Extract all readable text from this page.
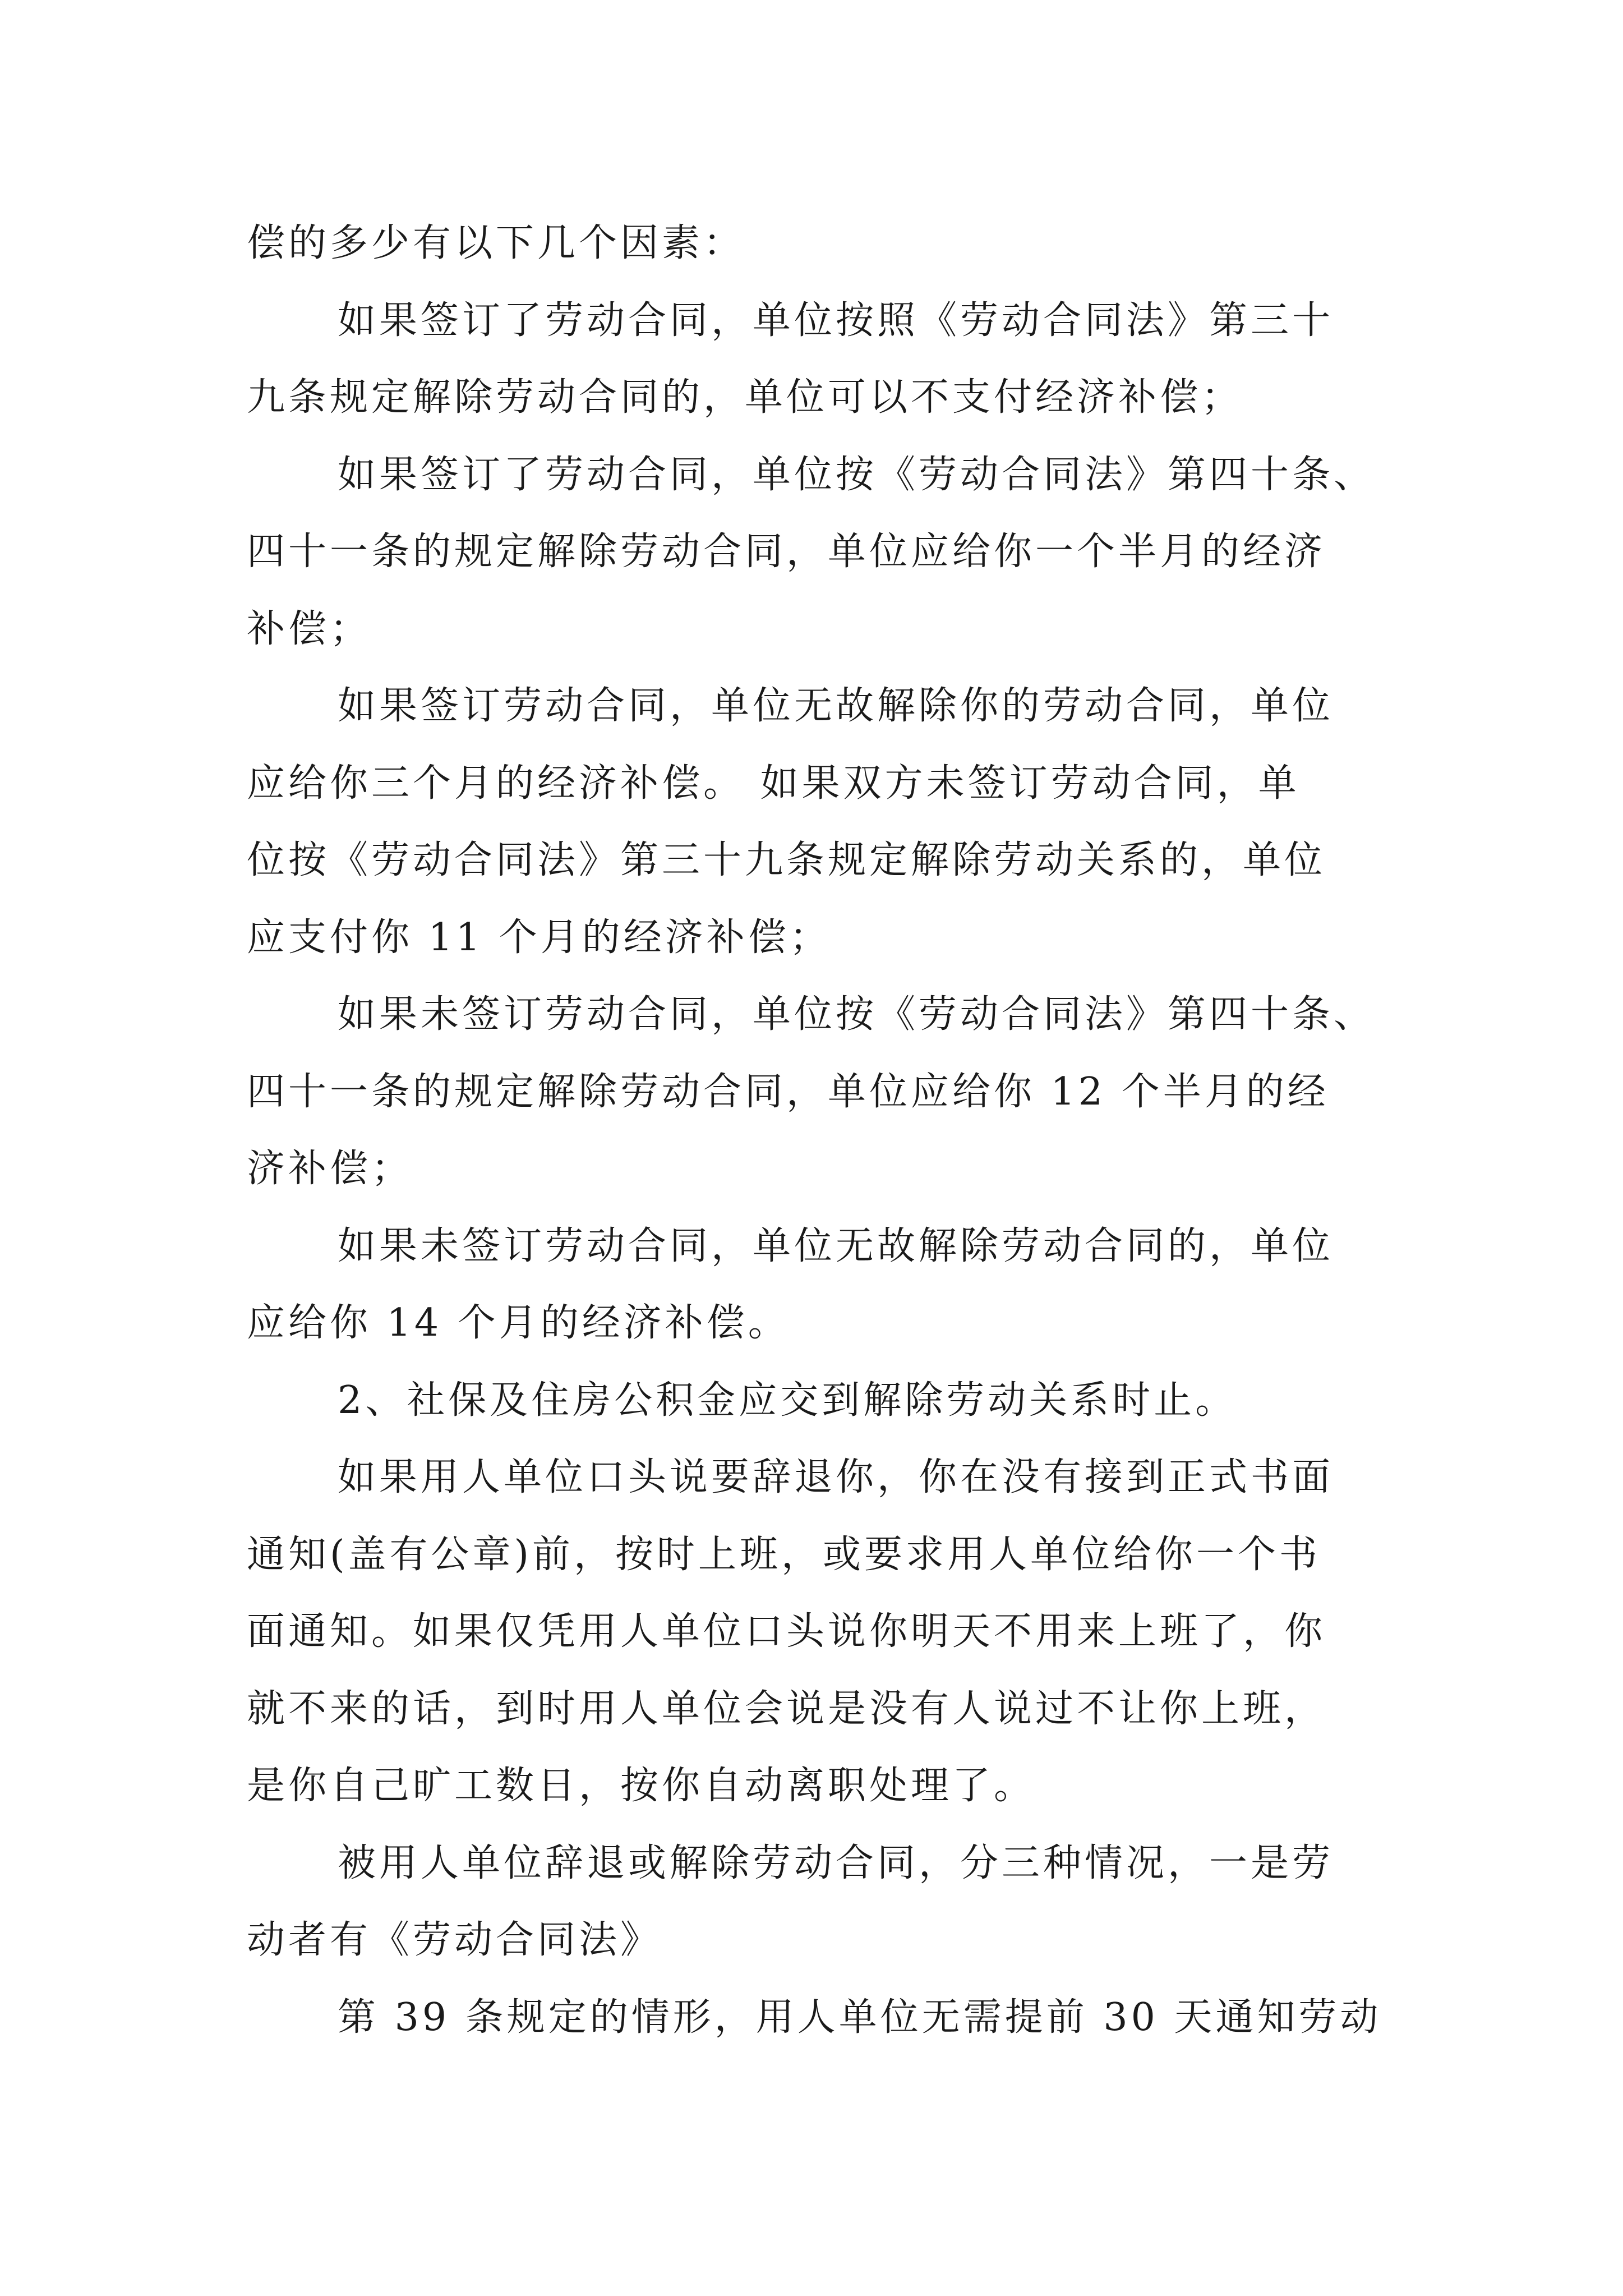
偿的多少有以下几个因素：

如果签订了劳动合同，单位按照《劳动合同法》第三十
九条规定解除劳动合同的，单位可以不支付经济补偿；

如果签订了劳动合同，单位按《劳动合同法》第四十条、
四十一条的规定解除劳动合同，单位应给你一个半月的经济
补偿；

如果签订劳动合同，单位无故解除你的劳动合同，单位
应给你三个月的经济补偿。 如果双方未签订劳动合同，单
位按《劳动合同法》第三十九条规定解除劳动关系的，单位
应支付你 11 个月的经济补偿；

如果未签订劳动合同，单位按《劳动合同法》第四十条、
四十一条的规定解除劳动合同，单位应给你 12 个半月的经
济补偿；

如果未签订劳动合同，单位无故解除劳动合同的，单位
应给你 14 个月的经济补偿。

2、社保及住房公积金应交到解除劳动关系时止。

如果用人单位口头说要辞退你，你在没有接到正式书面
通知(盖有公章)前，按时上班，或要求用人单位给你一个书
面通知。如果仅凭用人单位口头说你明天不用来上班了，你
就不来的话，到时用人单位会说是没有人说过不让你上班，
是你自己旷工数日，按你自动离职处理了。

被用人单位辞退或解除劳动合同，分三种情况，一是劳
动者有《劳动合同法》

第 39 条规定的情形，用人单位无需提前 30 天通知劳动
